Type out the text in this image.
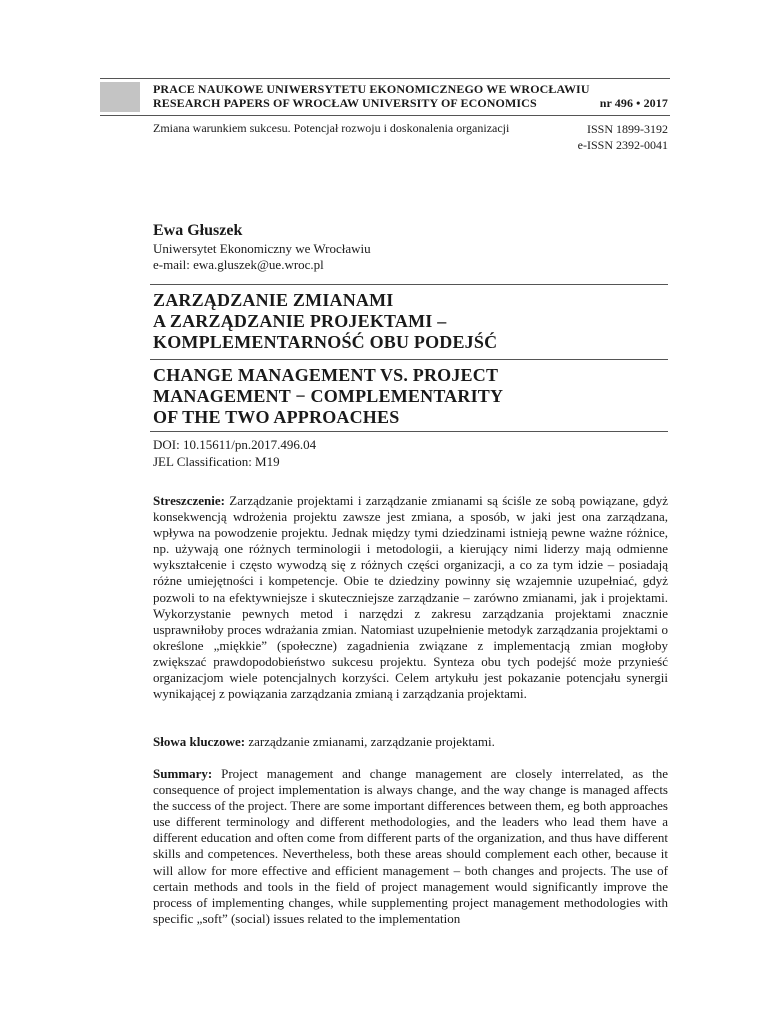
PRACE NAUKOWE UNIWERSYTETU EKONOMICZNEGO WE WROCŁAWIU
RESEARCH PAPERS OF WROCŁAW UNIVERSITY OF ECONOMICS	nr 496 • 2017
Zmiana warunkiem sukcesu. Potencjał rozwoju i doskonalenia organizacji	ISSN 1899-3192
e-ISSN 2392-0041
Ewa Głuszek
Uniwersytet Ekonomiczny we Wrocławiu
e-mail: ewa.gluszek@ue.wroc.pl
ZARZĄDZANIE ZMIANAMI
A ZARZĄDZANIE PROJEKTAMI –
KOMPLEMENTARNOŚĆ OBU PODEJŚĆ
CHANGE MANAGEMENT VS. PROJECT
MANAGEMENT − COMPLEMENTARITY
OF THE TWO APPROACHES
DOI: 10.15611/pn.2017.496.04
JEL Classification: M19
Streszczenie: Zarządzanie projektami i zarządzanie zmianami są ściśle ze sobą powiązane, gdyż konsekwencją wdrożenia projektu zawsze jest zmiana, a sposób, w jaki jest ona zarządzana, wpływa na powodzenie projektu. Jednak między tymi dziedzinami istnieją pewne ważne różnice, np. używają one różnych terminologii i metodologii, a kierujący nimi liderzy mają odmienne wykształcenie i często wywodzą się z różnych części organizacji, a co za tym idzie – posiadają różne umiejętności i kompetencje. Obie te dziedziny powinny się wzajemnie uzupełniać, gdyż pozwoli to na efektywniejsze i skuteczniejsze zarządzanie – zarówno zmianami, jak i projektami. Wykorzystanie pewnych metod i narzędzi z zakresu zarządzania projektami znacznie usprawniłoby proces wdrażania zmian. Natomiast uzupełnienie metodyk zarządzania projektami o określone „miękkie” (społeczne) zagadnienia związane z implementacją zmian mogłoby zwiększać prawdopodobieństwo sukcesu projektu. Synteza obu tych podejść może przynieść organizacjom wiele potencjalnych korzyści. Celem artykułu jest pokazanie potencjału synergii wynikającej z powiązania zarządzania zmianą i zarządzania projektami.
Słowa kluczowe: zarządzanie zmianami, zarządzanie projektami.
Summary: Project management and change management are closely interrelated, as the consequence of project implementation is always change, and the way change is managed affects the success of the project. There are some important differences between them, eg both approaches use different terminology and different methodologies, and the leaders who lead them have a different education and often come from different parts of the organization, and thus have different skills and competences. Nevertheless, both these areas should complement each other, because it will allow for more effective and efficient management – both changes and projects. The use of certain methods and tools in the field of project management would significantly improve the process of implementing changes, while supplementing project management methodologies with specific „soft” (social) issues related to the implementation
